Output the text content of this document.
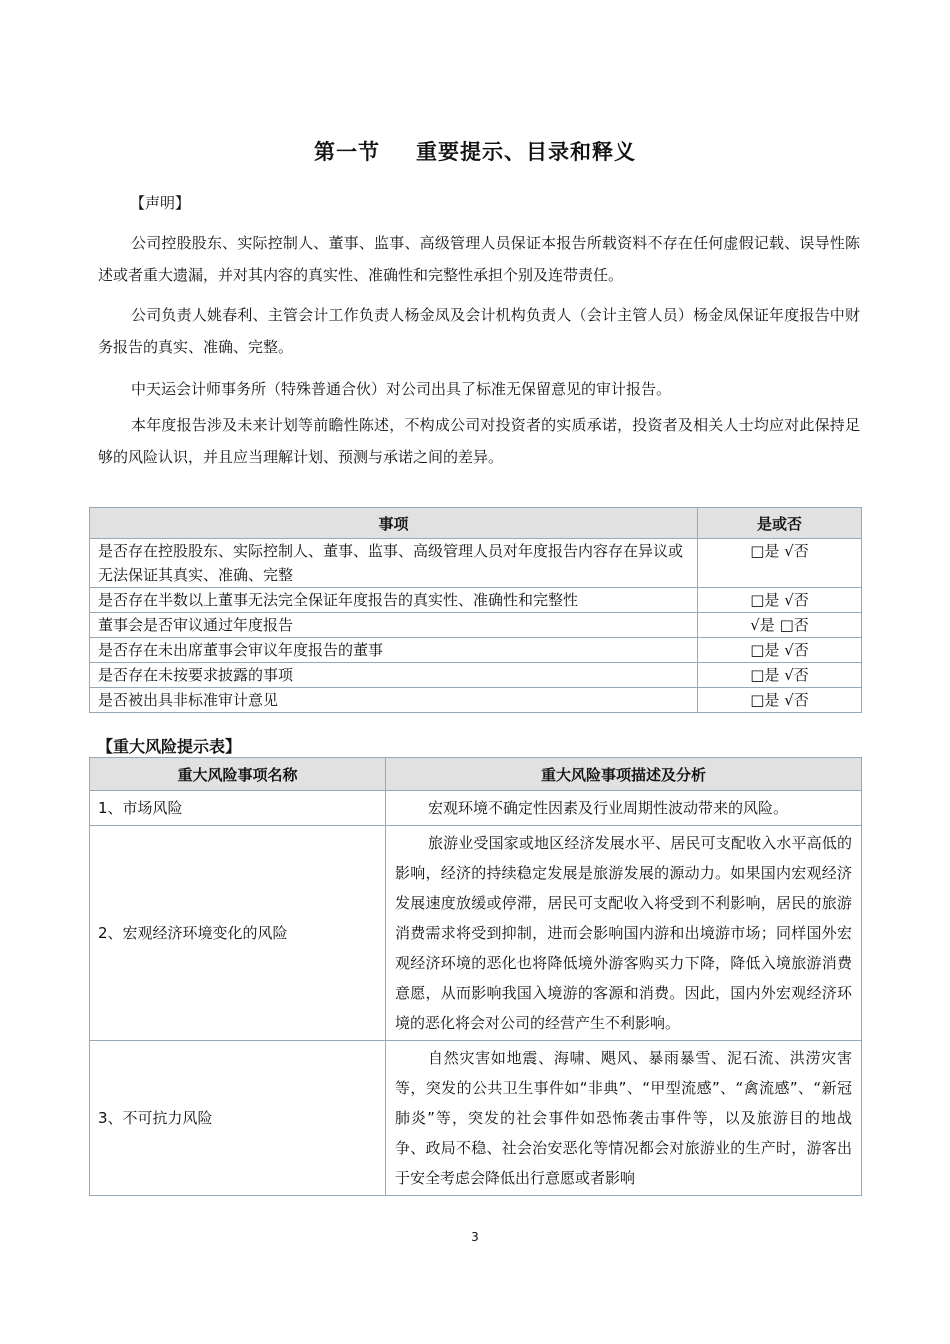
第一节 重要提示、目录和释义
【声明】
公司控股股东、实际控制人、董事、监事、高级管理人员保证本报告所载资料不存在任何虚假记载、误导性陈述或者重大遗漏，并对其内容的真实性、准确性和完整性承担个别及连带责任。
公司负责人姚春利、主管会计工作负责人杨金凤及会计机构负责人（会计主管人员）杨金凤保证年度报告中财务报告的真实、准确、完整。
中天运会计师事务所（特殊普通合伙）对公司出具了标准无保留意见的审计报告。
本年度报告涉及未来计划等前瞻性陈述，不构成公司对投资者的实质承诺，投资者及相关人士均应对此保持足够的风险认识，并且应当理解计划、预测与承诺之间的差异。
事项	是或否
是否存在控股股东、实际控制人、董事、监事、高级管理人员对年度报告内容存在异议或无法保证其真实、准确、完整	□是 √否
是否存在半数以上董事无法完全保证年度报告的真实性、准确性和完整性	□是 √否
董事会是否审议通过年度报告	√是 □否
是否存在未出席董事会审议年度报告的董事	□是 √否
是否存在未按要求披露的事项	□是 √否
是否被出具非标准审计意见	□是 √否
【重大风险提示表】
重大风险事项名称	重大风险事项描述及分析
1、市场风险	宏观环境不确定性因素及行业周期性波动带来的风险。
2、宏观经济环境变化的风险	旅游业受国家或地区经济发展水平、居民可支配收入水平高低的影响，经济的持续稳定发展是旅游发展的源动力。如果国内宏观经济发展速度放缓或停滞，居民可支配收入将受到不利影响，居民的旅游消费需求将受到抑制，进而会影响国内游和出境游市场；同样国外宏观经济环境的恶化也将降低境外游客购买力下降，降低入境旅游消费意愿，从而影响我国入境游的客源和消费。因此，国内外宏观经济环境的恶化将会对公司的经营产生不利影响。
3、不可抗力风险	自然灾害如地震、海啸、飓风、暴雨暴雪、泥石流、洪涝灾害等，突发的公共卫生事件如“非典”、“甲型流感”、“禽流感”、“新冠肺炎”等，突发的社会事件如恐怖袭击事件等，以及旅游目的地战争、政局不稳、社会治安恶化等情况都会对旅游业的生产时，游客出于安全考虑会降低出行意愿或者影响
3
